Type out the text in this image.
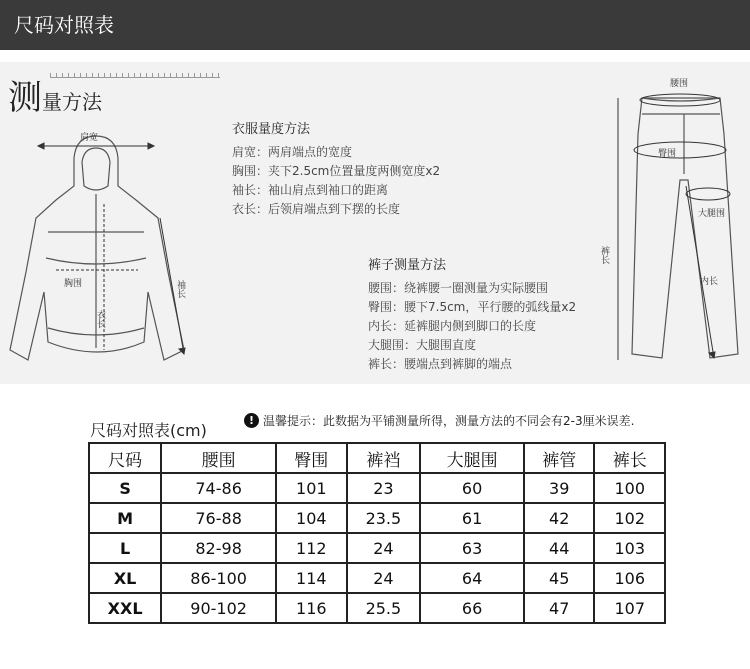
尺码对照表
测量方法
肩宽
胸围
衣长
袖长
腰围
臀围
大腿围
裤长
内长
衣服量度方法
肩宽：两肩端点的宽度
胸围：夹下2.5cm位置量度两侧宽度x2
袖长：袖山肩点到袖口的距离
衣长：后领肩端点到下摆的长度
裤子测量方法
腰围：绕裤腰一圈测量为实际腰围
臀围：腰下7.5cm，平行腰的弧线量x2
内长：延裤腿内侧到脚口的长度
大腿围：大腿围直度
裤长：腰端点到裤脚的端点
尺码对照表(cm)
! 温馨提示：此数据为平铺测量所得，测量方法的不同会有2-3厘米误差.
尺码	腰围	臀围	裤裆	大腿围	裤管	裤长
S	74-86	101	23	60	39	100
M	76-88	104	23.5	61	42	102
L	82-98	112	24	63	44	103
XL	86-100	114	24	64	45	106
XXL	90-102	116	25.5	66	47	107
